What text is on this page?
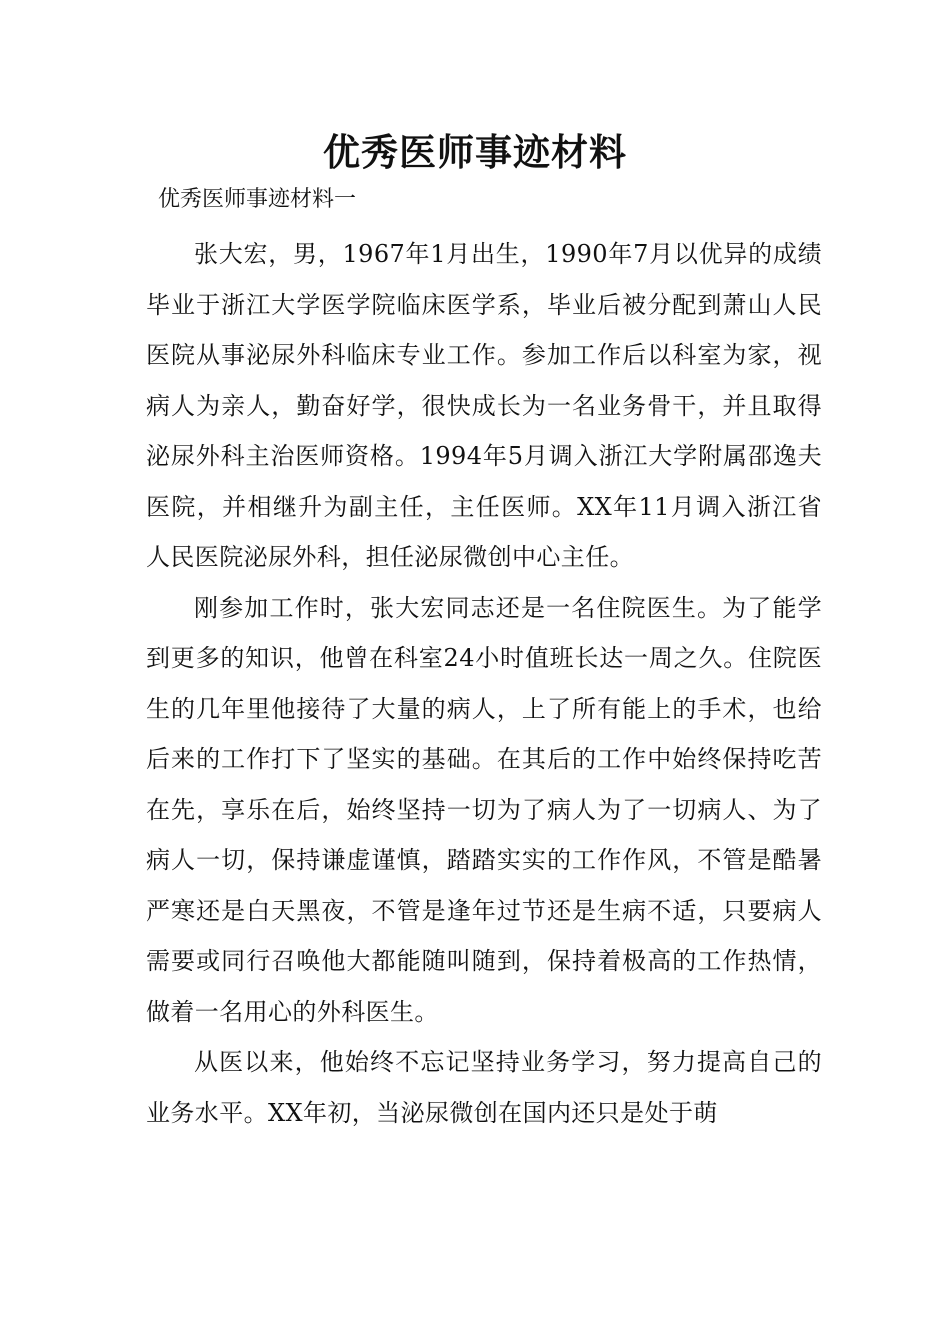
优秀医师事迹材料
优秀医师事迹材料一

张大宏，男，1967年1月出生，1990年7月以优异的成绩毕业于浙江大学医学院临床医学系，毕业后被分配到萧山人民医院从事泌尿外科临床专业工作。参加工作后以科室为家，视病人为亲人，勤奋好学，很快成长为一名业务骨干，并且取得泌尿外科主治医师资格。1994年5月调入浙江大学附属邵逸夫医院，并相继升为副主任，主任医师。XX年11月调入浙江省人民医院泌尿外科，担任泌尿微创中心主任。

刚参加工作时，张大宏同志还是一名住院医生。为了能学到更多的知识，他曾在科室24小时值班长达一周之久。住院医生的几年里他接待了大量的病人，上了所有能上的手术，也给后来的工作打下了坚实的基础。在其后的工作中始终保持吃苦在先，享乐在后，始终坚持一切为了病人为了一切病人、为了病人一切，保持谦虚谨慎，踏踏实实的工作作风，不管是酷暑严寒还是白天黑夜，不管是逢年过节还是生病不适，只要病人需要或同行召唤他大都能随叫随到，保持着极高的工作热情，做着一名用心的外科医生。

从医以来，他始终不忘记坚持业务学习，努力提高自己的业务水平。XX年初，当泌尿微创在国内还只是处于萌
